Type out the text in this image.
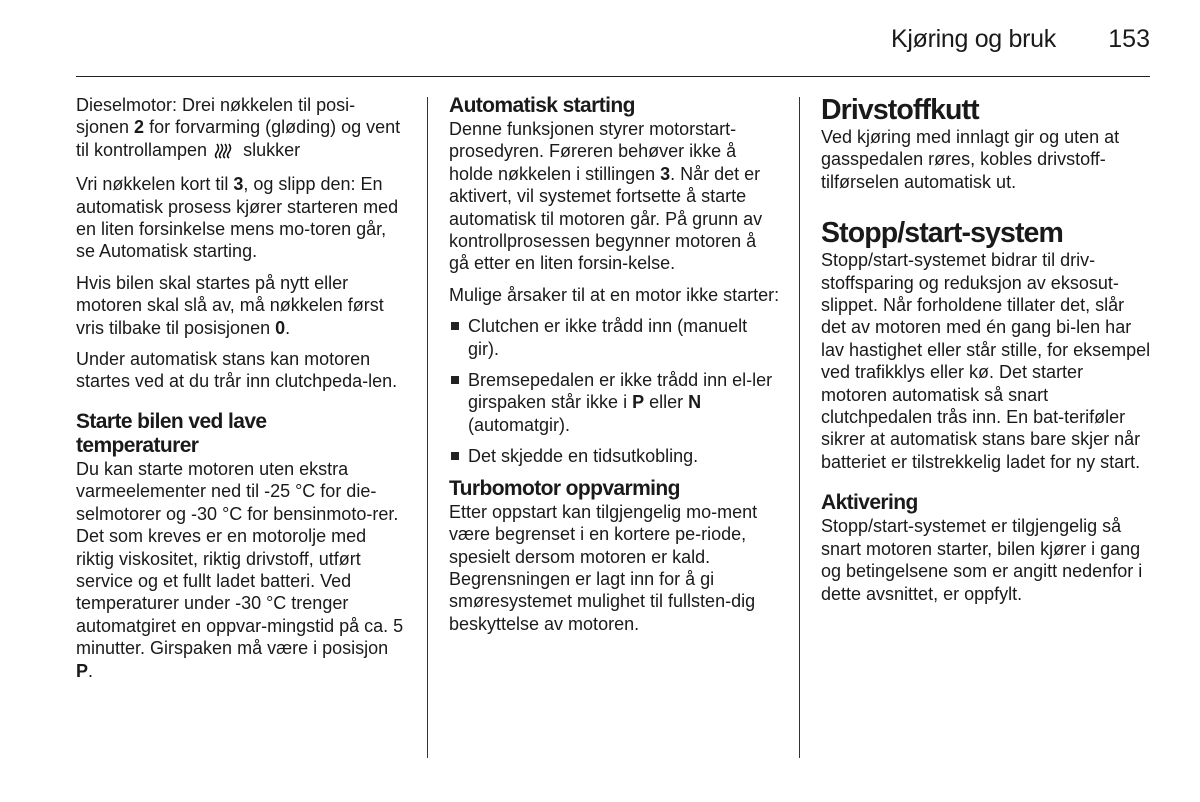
Kjøring og bruk 153

Dieselmotor: Drei nøkkelen til posi-sjonen 2 for forvarming (gløding) og vent til kontrollampen  slukker

Vri nøkkelen kort til 3, og slipp den: En automatisk prosess kjører starteren med en liten forsinkelse mens mo-toren går, se Automatisk starting.

Hvis bilen skal startes på nytt eller motoren skal slå av, må nøkkelen først vris tilbake til posisjonen 0.

Under automatisk stans kan motoren startes ved at du trår inn clutchpeda-len.

Starte bilen ved lave
temperaturer

Du kan starte motoren uten ekstra varmeelementer ned til -25 °C for die-selmotorer og -30 °C for bensinmoto-rer. Det som kreves er en motorolje med riktig viskositet, riktig drivstoff, utført service og et fullt ladet batteri. Ved temperaturer under -30 °C trenger automatgiret en oppvar-mingstid på ca. 5 minutter. Girspaken må være i posisjon P.

Automatisk starting

Denne funksjonen styrer motorstart-prosedyren. Føreren behøver ikke å holde nøkkelen i stillingen 3. Når det er aktivert, vil systemet fortsette å starte automatisk til motoren går. På grunn av kontrollprosessen begynner motoren å gå etter en liten forsin-kelse.

Mulige årsaker til at en motor ikke starter:

Clutchen er ikke trådd inn (manuelt gir).
Bremsepedalen er ikke trådd inn el-ler girspaken står ikke i P eller N (automatgir).
Det skjedde en tidsutkobling.
Turbomotor oppvarming

Etter oppstart kan tilgjengelig mo-ment være begrenset i en kortere pe-riode, spesielt dersom motoren er kald. Begrensningen er lagt inn for å gi smøresystemet mulighet til fullsten-dig beskyttelse av motoren.

Drivstoffkutt

Ved kjøring med innlagt gir og uten at gasspedalen røres, kobles drivstoff-tilførselen automatisk ut.

Stopp/start-system

Stopp/start-systemet bidrar til driv-stoffsparing og reduksjon av eksosut-slippet. Når forholdene tillater det, slår det av motoren med én gang bi-len har lav hastighet eller står stille, for eksempel ved trafikklys eller kø. Det starter motoren automatisk så snart clutchpedalen trås inn. En bat-teriføler sikrer at automatisk stans bare skjer når batteriet er tilstrekkelig ladet for ny start.

Aktivering

Stopp/start-systemet er tilgjengelig så snart motoren starter, bilen kjører i gang og betingelsene som er angitt nedenfor i dette avsnittet, er oppfylt.
